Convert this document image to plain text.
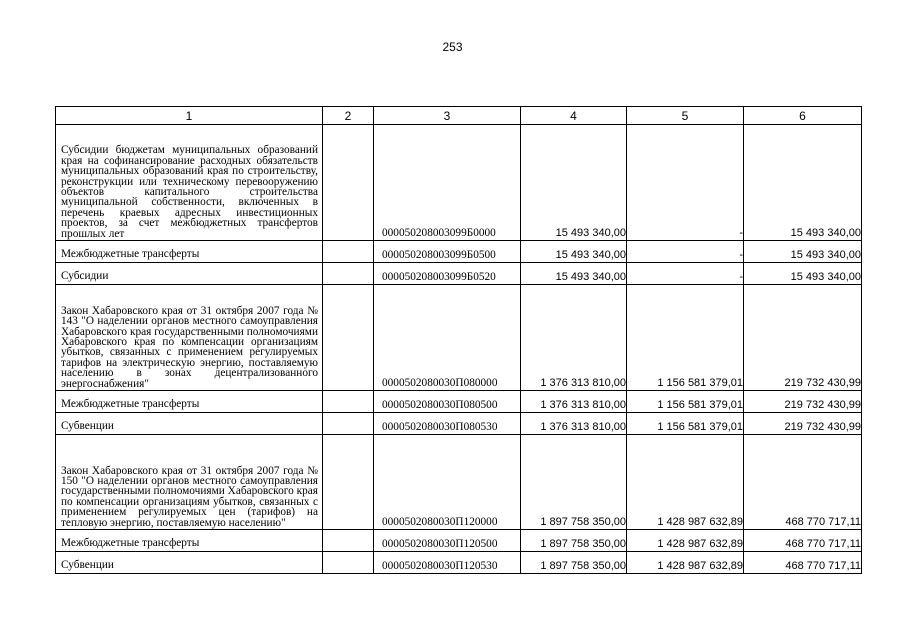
253
1	2	3	4	5	6
Субсидии бюджетам муниципальных образований края на софинансирование расходных обязательств муниципальных образований края по строительству, реконструкции или техническому перевооружению объектов капитального строительства муниципальной собственности, включенных в перечень краевых адресных инвестиционных проектов, за счет межбюджетных трансфертов прошлых лет		000050208003099Б0000	15 493 340,00	-	15 493 340,00
Межбюджетные трансферты		000050208003099Б0500	15 493 340,00	-	15 493 340,00
Субсидии		000050208003099Б0520	15 493 340,00	-	15 493 340,00
Закон Хабаровского края от 31 октября 2007 года № 143 "О наделении органов местного самоуправления Хабаровского края государственными полномочиями Хабаровского края по компенсации организациям убытков, связанных с применением регулируемых тарифов на электрическую энергию, поставляемую населению в зонах децентрализованного энергоснабжения"		0000502080030П080000	1 376 313 810,00	1 156 581 379,01	219 732 430,99
Межбюджетные трансферты		0000502080030П080500	1 376 313 810,00	1 156 581 379,01	219 732 430,99
Субвенции		0000502080030П080530	1 376 313 810,00	1 156 581 379,01	219 732 430,99
Закон Хабаровского края от 31 октября 2007 года № 150 "О наделении органов местного самоуправления государственными полномочиями Хабаровского края по компенсации организациям убытков, связанных с применением регулируемых цен (тарифов) на тепловую энергию, поставляемую населению"		0000502080030П120000	1 897 758 350,00	1 428 987 632,89	468 770 717,11
Межбюджетные трансферты		0000502080030П120500	1 897 758 350,00	1 428 987 632,89	468 770 717,11
Субвенции		0000502080030П120530	1 897 758 350,00	1 428 987 632,89	468 770 717,11
